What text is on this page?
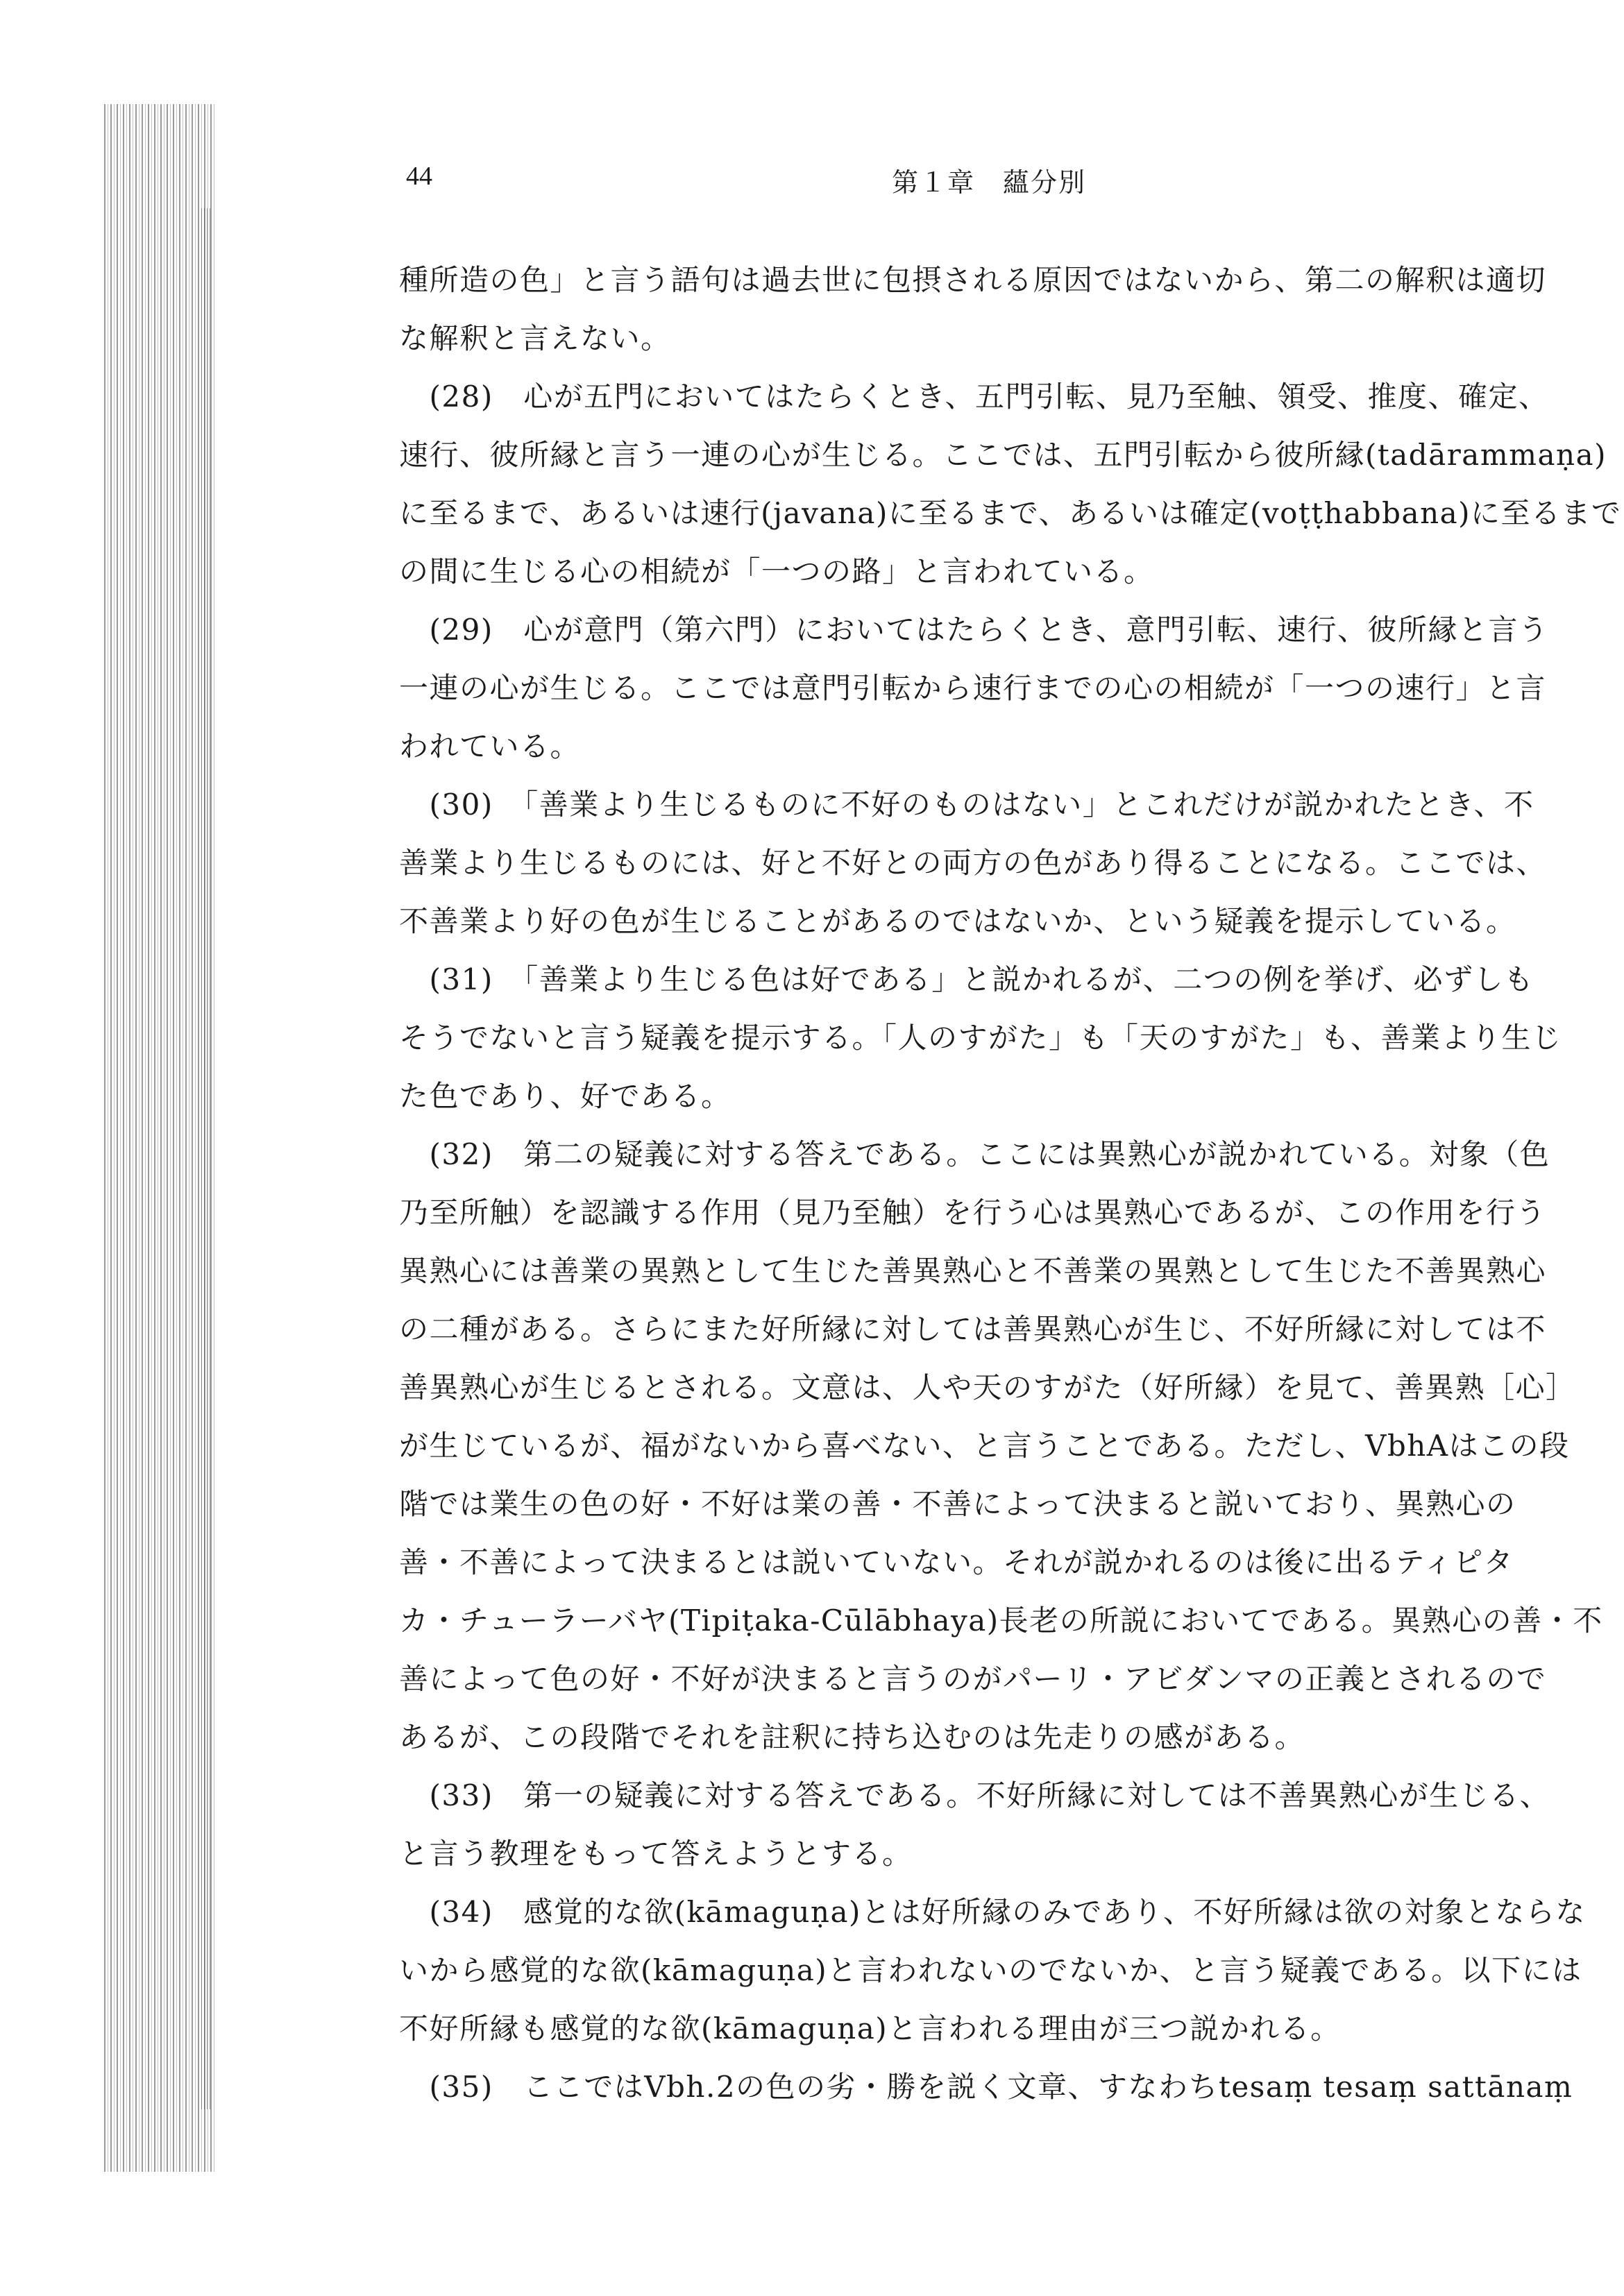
44	第１章　蘊分別
種所造の色」と言う語句は過去世に包摂される原因ではないから、第二の解釈は適切
な解釈と言えない。
　(28)　心が五門においてはたらくとき、五門引転、見乃至触、領受、推度、確定、
速行、彼所縁と言う一連の心が生じる。ここでは、五門引転から彼所縁(tadārammaṇa)
に至るまで、あるいは速行(javana)に至るまで、あるいは確定(voṭṭhabbana)に至るまで
の間に生じる心の相続が「一つの路」と言われている。
　(29)　心が意門（第六門）においてはたらくとき、意門引転、速行、彼所縁と言う
一連の心が生じる。ここでは意門引転から速行までの心の相続が「一つの速行」と言
われている。
　(30)　「善業より生じるものに不好のものはない」とこれだけが説かれたとき、不
善業より生じるものには、好と不好との両方の色があり得ることになる。ここでは、
不善業より好の色が生じることがあるのではないか、という疑義を提示している。
　(31)　「善業より生じる色は好である」と説かれるが、二つの例を挙げ、必ずしも
そうでないと言う疑義を提示する。「人のすがた」も「天のすがた」も、善業より生じ
た色であり、好である。
　(32)　第二の疑義に対する答えである。ここには異熟心が説かれている。対象（色
乃至所触）を認識する作用（見乃至触）を行う心は異熟心であるが、この作用を行う
異熟心には善業の異熟として生じた善異熟心と不善業の異熟として生じた不善異熟心
の二種がある。さらにまた好所縁に対しては善異熟心が生じ、不好所縁に対しては不
善異熟心が生じるとされる。文意は、人や天のすがた（好所縁）を見て、善異熟［心］
が生じているが、福がないから喜べない、と言うことである。ただし、VbhAはこの段
階では業生の色の好・不好は業の善・不善によって決まると説いており、異熟心の
善・不善によって決まるとは説いていない。それが説かれるのは後に出るティピタ
カ・チューラーバヤ(Tipiṭaka-Cūlābhaya)長老の所説においてである。異熟心の善・不
善によって色の好・不好が決まると言うのがパーリ・アビダンマの正義とされるので
あるが、この段階でそれを註釈に持ち込むのは先走りの感がある。
　(33)　第一の疑義に対する答えである。不好所縁に対しては不善異熟心が生じる、
と言う教理をもって答えようとする。
　(34)　感覚的な欲(kāmaguṇa)とは好所縁のみであり、不好所縁は欲の対象とならな
いから感覚的な欲(kāmaguṇa)と言われないのでないか、と言う疑義である。以下には
不好所縁も感覚的な欲(kāmaguṇa)と言われる理由が三つ説かれる。
　(35)　ここではVbh.2の色の劣・勝を説く文章、すなわちtesaṃ tesaṃ sattānaṃ
